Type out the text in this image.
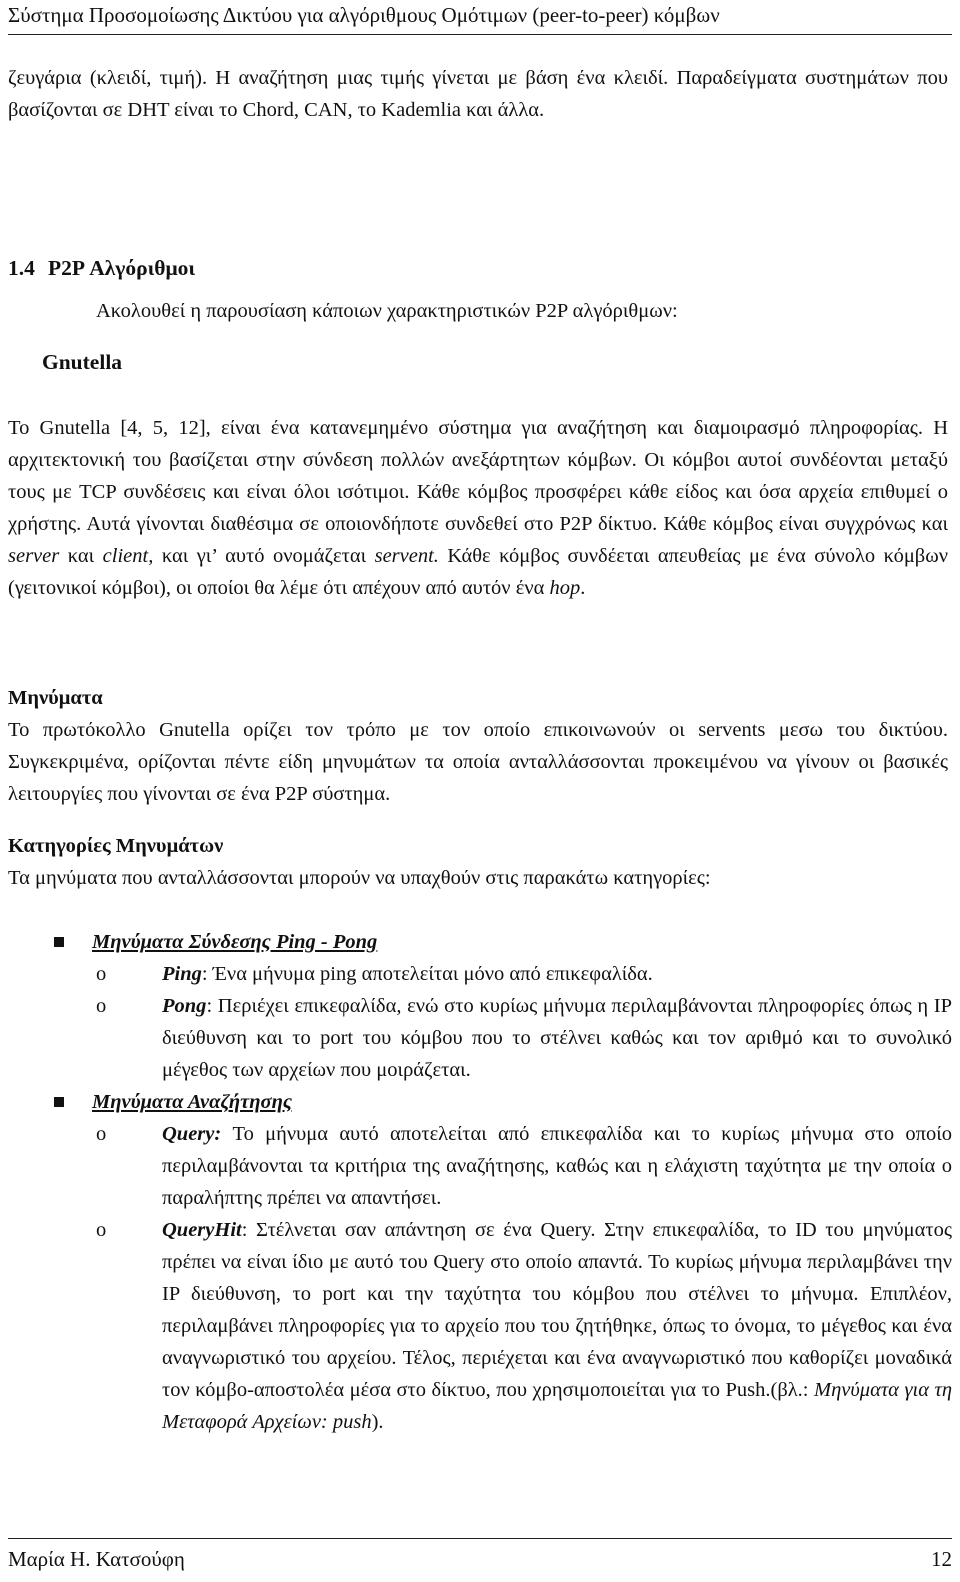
Σύστημα Προσομοίωσης Δικτύου για αλγόριθμους Ομότιμων (peer-to-peer) κόμβων
ζευγάρια (κλειδί, τιμή). Η αναζήτηση μιας τιμής γίνεται με βάση ένα κλειδί. Παραδείγματα συστημάτων που βασίζονται σε DHT είναι το Chord, CAN, το Kademlia και άλλα.
1.4 P2P Αλγόριθμοι
Ακολουθεί η παρουσίαση κάποιων χαρακτηριστικών P2P αλγόριθμων:
Gnutella
Το Gnutella [4, 5, 12], είναι ένα κατανεμημένο σύστημα για αναζήτηση και διαμοιρασμό πληροφορίας. Η αρχιτεκτονική του βασίζεται στην σύνδεση πολλών ανεξάρτητων κόμβων. Οι κόμβοι αυτοί συνδέονται μεταξύ τους με TCP συνδέσεις και είναι όλοι ισότιμοι. Κάθε κόμβος προσφέρει κάθε είδος και όσα αρχεία επιθυμεί ο χρήστης. Αυτά γίνονται διαθέσιμα σε οποιονδήποτε συνδεθεί στο P2P δίκτυο. Κάθε κόμβος είναι συγχρόνως και server και client, και γι’ αυτό ονομάζεται servent. Κάθε κόμβος συνδέεται απευθείας με ένα σύνολο κόμβων (γειτονικοί κόμβοι), οι οποίοι θα λέμε ότι απέχουν από αυτόν ένα hop.
Μηνύματα
Το πρωτόκολλο Gnutella ορίζει τον τρόπο με τον οποίο επικοινωνούν οι servents μεσω του δικτύου. Συγκεκριμένα, ορίζονται πέντε είδη μηνυμάτων τα οποία ανταλλάσσονται προκειμένου να γίνουν οι βασικές λειτουργίες που γίνονται σε ένα P2P σύστημα.
Κατηγορίες Μηνυμάτων
Τα μηνύματα που ανταλλάσσονται μπορούν να υπαχθούν στις παρακάτω κατηγορίες:
Μηνύματα Σύνδεσης Ping - Pong
o	Ping: Ένα μήνυμα ping αποτελείται μόνο από επικεφαλίδα.
o	Pong: Περιέχει επικεφαλίδα, ενώ στο κυρίως μήνυμα περιλαμβάνονται πληροφορίες όπως η IP διεύθυνση και το port του κόμβου που το στέλνει καθώς και τον αριθμό και το συνολικό μέγεθος των αρχείων που μοιράζεται.
Μηνύματα Αναζήτησης
o	Query: Το μήνυμα αυτό αποτελείται από επικεφαλίδα και το κυρίως μήνυμα στο οποίο περιλαμβάνονται τα κριτήρια της αναζήτησης, καθώς και η ελάχιστη ταχύτητα με την οποία ο παραλήπτης πρέπει να απαντήσει.
o	QueryHit: Στέλνεται σαν απάντηση σε ένα Query. Στην επικεφαλίδα, το ID του μηνύματος πρέπει να είναι ίδιο με αυτό του Query στο οποίο απαντά. Το κυρίως μήνυμα περιλαμβάνει την IP διεύθυνση, το port και την ταχύτητα του κόμβου που στέλνει το μήνυμα. Επιπλέον, περιλαμβάνει πληροφορίες για το αρχείο που του ζητήθηκε, όπως το όνομα, το μέγεθος και ένα αναγνωριστικό του αρχείου. Τέλος, περιέχεται και ένα αναγνωριστικό που καθορίζει μοναδικά τον κόμβο-αποστολέα μέσα στο δίκτυο, που χρησιμοποιείται για το Push.(βλ.: Μηνύματα για τη Μεταφορά Αρχείων: push).
Μαρία Η. Κατσούφη	12
